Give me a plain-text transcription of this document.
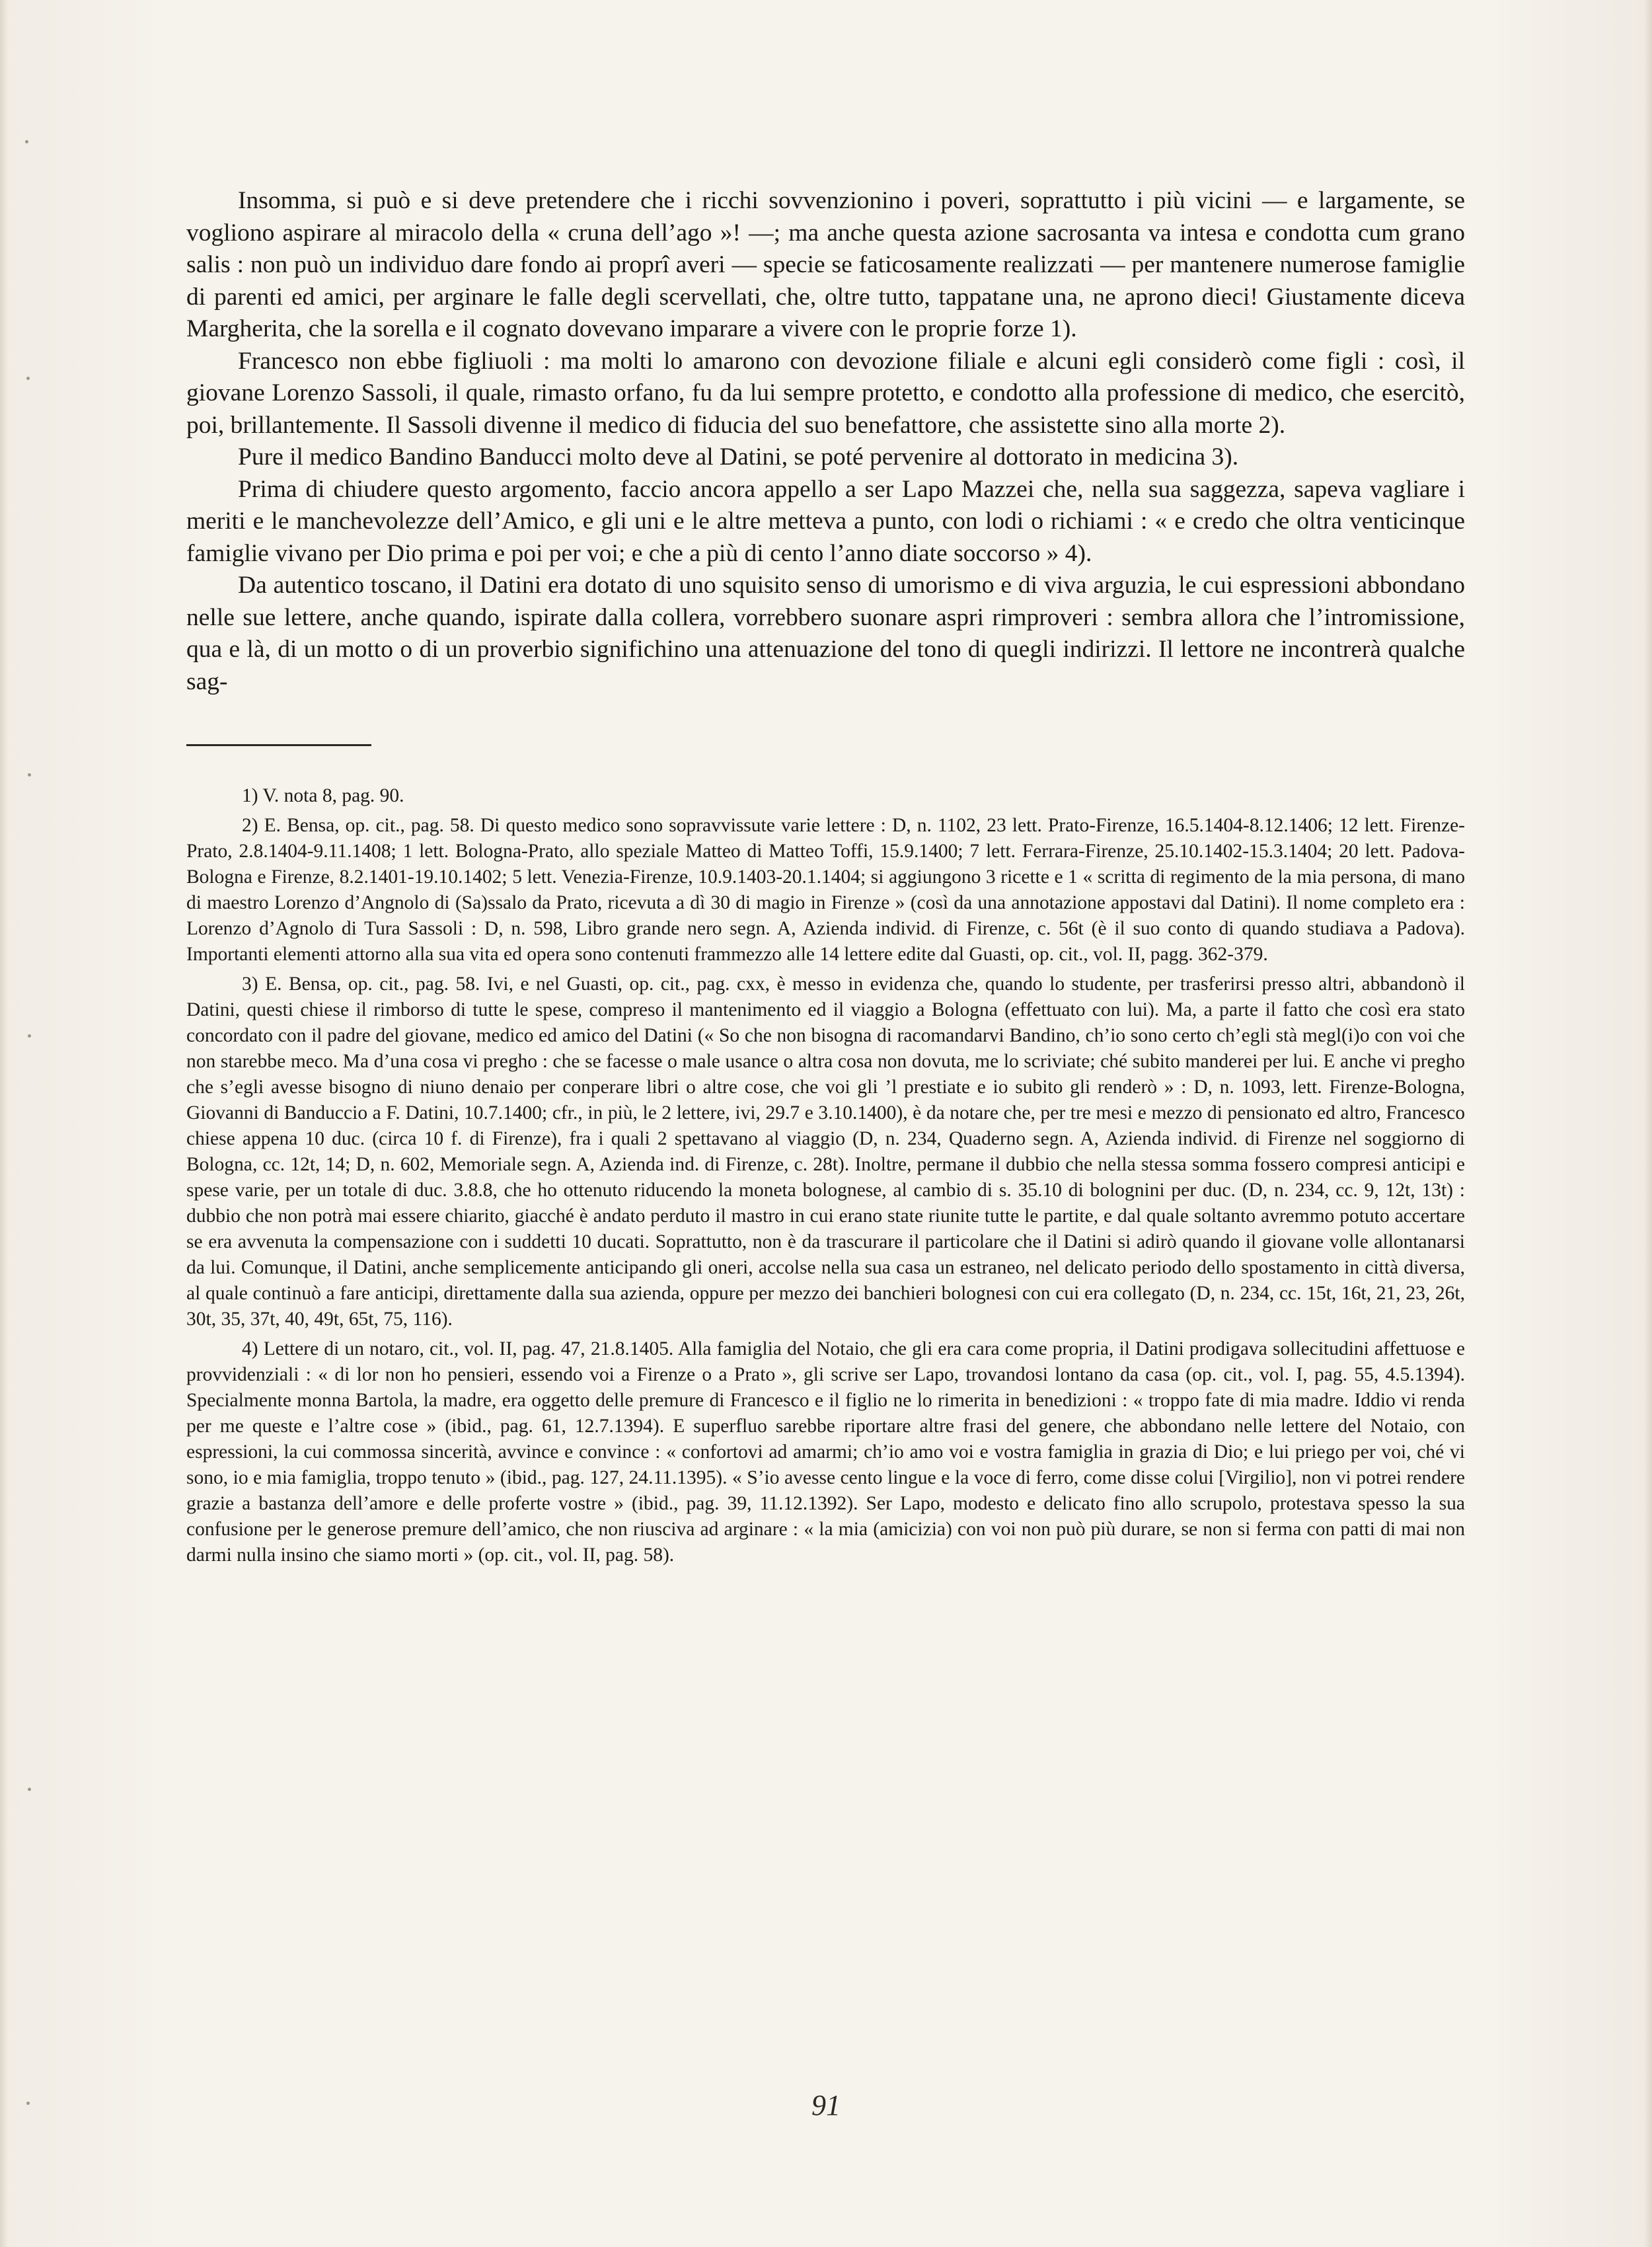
Insomma, si può e si deve pretendere che i ricchi sovvenzionino i poveri, soprattutto i più vicini — e largamente, se vogliono aspirare al miracolo della « cruna dell’ago »! —; ma anche questa azione sacrosanta va intesa e condotta cum grano salis : non può un individuo dare fondo ai proprî averi — specie se faticosamente realizzati — per mantenere numerose famiglie di parenti ed amici, per arginare le falle degli scervellati, che, oltre tutto, tappatane una, ne aprono dieci! Giustamente diceva Margherita, che la sorella e il cognato dovevano imparare a vivere con le proprie forze 1).

Francesco non ebbe figliuoli : ma molti lo amarono con devozione filiale e alcuni egli considerò come figli : così, il giovane Lorenzo Sassoli, il quale, rimasto orfano, fu da lui sempre protetto, e condotto alla professione di medico, che esercitò, poi, brillantemente. Il Sassoli divenne il medico di fiducia del suo benefattore, che assistette sino alla morte 2).

Pure il medico Bandino Banducci molto deve al Datini, se poté pervenire al dottorato in medicina 3).

Prima di chiudere questo argomento, faccio ancora appello a ser Lapo Mazzei che, nella sua saggezza, sapeva vagliare i meriti e le manchevolezze dell’Amico, e gli uni e le altre metteva a punto, con lodi o richiami : « e credo che oltra venticinque famiglie vivano per Dio prima e poi per voi; e che a più di cento l’anno diate soccorso » 4).

Da autentico toscano, il Datini era dotato di uno squisito senso di umorismo e di viva arguzia, le cui espressioni abbondano nelle sue lettere, anche quando, ispirate dalla collera, vorrebbero suonare aspri rimproveri : sembra allora che l’intromissione, qua e là, di un motto o di un proverbio significhino una attenuazione del tono di quegli indirizzi. Il lettore ne incontrerà qualche sag-

1) V. nota 8, pag. 90.

2) E. Bensa, op. cit., pag. 58. Di questo medico sono sopravvissute varie lettere : D, n. 1102, 23 lett. Prato-Firenze, 16.5.1404-8.12.1406; 12 lett. Firenze-Prato, 2.8.1404-9.11.1408; 1 lett. Bologna-Prato, allo speziale Matteo di Matteo Toffi, 15.9.1400; 7 lett. Ferrara-Firenze, 25.10.1402-15.3.1404; 20 lett. Padova-Bologna e Firenze, 8.2.1401-19.10.1402; 5 lett. Venezia-Firenze, 10.9.1403-20.1.1404; si aggiungono 3 ricette e 1 « scritta di regimento de la mia persona, di mano di maestro Lorenzo d’Angnolo di (Sa)ssalo da Prato, ricevuta a dì 30 di magio in Firenze » (così da una annotazione appostavi dal Datini). Il nome completo era : Lorenzo d’Agnolo di Tura Sassoli : D, n. 598, Libro grande nero segn. A, Azienda individ. di Firenze, c. 56t (è il suo conto di quando studiava a Padova). Importanti elementi attorno alla sua vita ed opera sono contenuti frammezzo alle 14 lettere edite dal Guasti, op. cit., vol. II, pagg. 362-379.

3) E. Bensa, op. cit., pag. 58. Ivi, e nel Guasti, op. cit., pag. cxx, è messo in evidenza che, quando lo studente, per trasferirsi presso altri, abbandonò il Datini, questi chiese il rimborso di tutte le spese, compreso il mantenimento ed il viaggio a Bologna (effettuato con lui). Ma, a parte il fatto che così era stato concordato con il padre del giovane, medico ed amico del Datini (« So che non bisogna di racomandarvi Bandino, ch’io sono certo ch’egli stà megl(i)o con voi che non starebbe meco. Ma d’una cosa vi pregho : che se facesse o male usance o altra cosa non dovuta, me lo scriviate; ché subito manderei per lui. E anche vi pregho che s’egli avesse bisogno di niuno denaio per conperare libri o altre cose, che voi gli ’l prestiate e io subito gli renderò » : D, n. 1093, lett. Firenze-Bologna, Giovanni di Banduccio a F. Datini, 10.7.1400; cfr., in più, le 2 lettere, ivi, 29.7 e 3.10.1400), è da notare che, per tre mesi e mezzo di pensionato ed altro, Francesco chiese appena 10 duc. (circa 10 f. di Firenze), fra i quali 2 spettavano al viaggio (D, n. 234, Quaderno segn. A, Azienda individ. di Firenze nel soggiorno di Bologna, cc. 12t, 14; D, n. 602, Memoriale segn. A, Azienda ind. di Firenze, c. 28t). Inoltre, permane il dubbio che nella stessa somma fossero compresi anticipi e spese varie, per un totale di duc. 3.8.8, che ho ottenuto riducendo la moneta bolognese, al cambio di s. 35.10 di bolognini per duc. (D, n. 234, cc. 9, 12t, 13t) : dubbio che non potrà mai essere chiarito, giacché è andato perduto il mastro in cui erano state riunite tutte le partite, e dal quale soltanto avremmo potuto accertare se era avvenuta la compensazione con i suddetti 10 ducati. Soprattutto, non è da trascurare il particolare che il Datini si adirò quando il giovane volle allontanarsi da lui. Comunque, il Datini, anche semplicemente anticipando gli oneri, accolse nella sua casa un estraneo, nel delicato periodo dello spostamento in città diversa, al quale continuò a fare anticipi, direttamente dalla sua azienda, oppure per mezzo dei banchieri bolognesi con cui era collegato (D, n. 234, cc. 15t, 16t, 21, 23, 26t, 30t, 35, 37t, 40, 49t, 65t, 75, 116).

4) Lettere di un notaro, cit., vol. II, pag. 47, 21.8.1405. Alla famiglia del Notaio, che gli era cara come propria, il Datini prodigava sollecitudini affettuose e provvidenziali : « di lor non ho pensieri, essendo voi a Firenze o a Prato », gli scrive ser Lapo, trovandosi lontano da casa (op. cit., vol. I, pag. 55, 4.5.1394). Specialmente monna Bartola, la madre, era oggetto delle premure di Francesco e il figlio ne lo rimerita in benedizioni : « troppo fate di mia madre. Iddio vi renda per me queste e l’altre cose » (ibid., pag. 61, 12.7.1394). E superfluo sarebbe riportare altre frasi del genere, che abbondano nelle lettere del Notaio, con espressioni, la cui commossa sincerità, avvince e convince : « confortovi ad amarmi; ch’io amo voi e vostra famiglia in grazia di Dio; e lui priego per voi, ché vi sono, io e mia famiglia, troppo tenuto » (ibid., pag. 127, 24.11.1395). « S’io avesse cento lingue e la voce di ferro, come disse colui [Virgilio], non vi potrei rendere grazie a bastanza dell’amore e delle proferte vostre » (ibid., pag. 39, 11.12.1392). Ser Lapo, modesto e delicato fino allo scrupolo, protestava spesso la sua confusione per le generose premure dell’amico, che non riusciva ad arginare : « la mia (amicizia) con voi non può più durare, se non si ferma con patti di mai non darmi nulla insino che siamo morti » (op. cit., vol. II, pag. 58).

91
